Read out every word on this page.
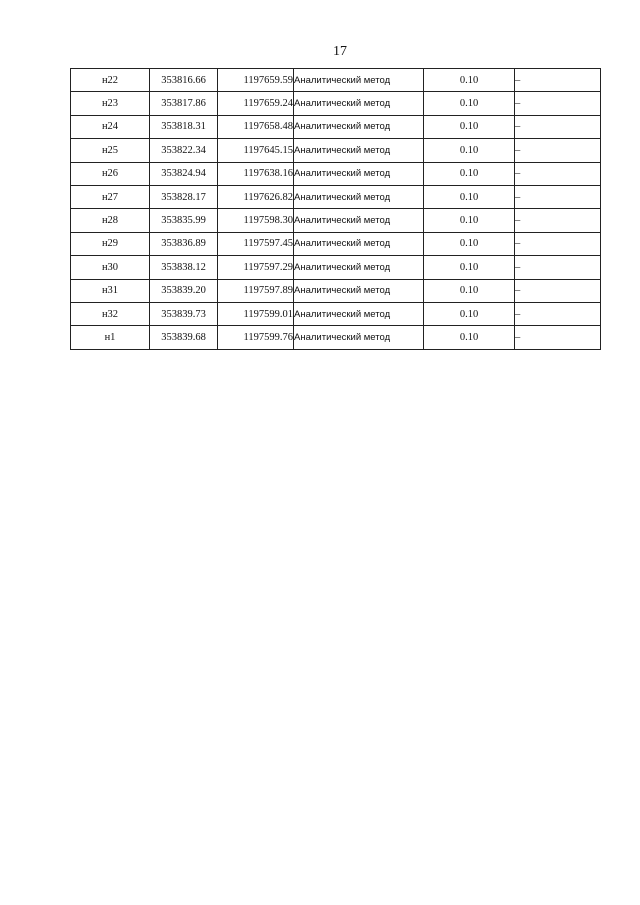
17
н22	353816.66	1197659.59	Аналитический метод	0.10	–
н23	353817.86	1197659.24	Аналитический метод	0.10	–
н24	353818.31	1197658.48	Аналитический метод	0.10	–
н25	353822.34	1197645.15	Аналитический метод	0.10	–
н26	353824.94	1197638.16	Аналитический метод	0.10	–
н27	353828.17	1197626.82	Аналитический метод	0.10	–
н28	353835.99	1197598.30	Аналитический метод	0.10	–
н29	353836.89	1197597.45	Аналитический метод	0.10	–
н30	353838.12	1197597.29	Аналитический метод	0.10	–
н31	353839.20	1197597.89	Аналитический метод	0.10	–
н32	353839.73	1197599.01	Аналитический метод	0.10	–
н1	353839.68	1197599.76	Аналитический метод	0.10	–
